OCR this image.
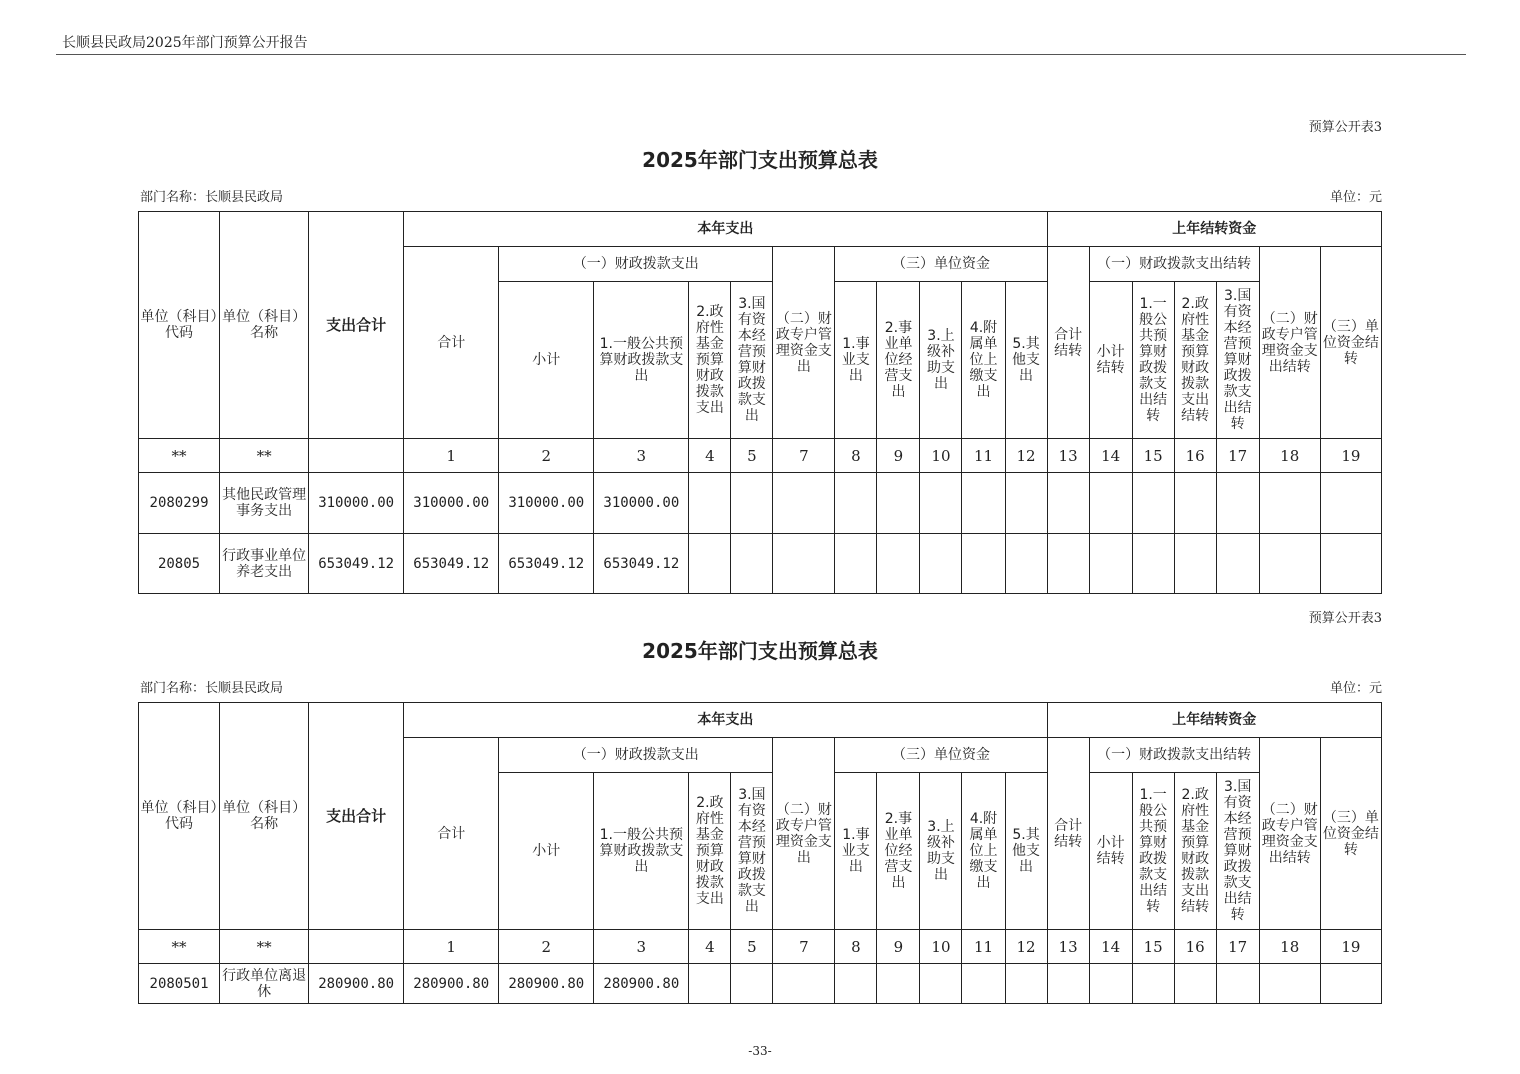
长顺县民政局2025年部门预算公开报告
预算公开表3
2025年部门支出预算总表
部门名称：长顺县民政局	单位：元
单位（科目）代码	单位（科目）名称	支出合计	本年支出											上年结转资金						
			合计	（一）财政拨款支出				（二）财政专户管理资金支出	（三）单位资金					合计结转	（一）财政拨款支出结转				（二）财政专户管理资金支出结转	（三）单位资金结转
				小计	1.一般公共预算财政拨款支出	2.政府性基金预算财政拨款支出	3.国有资本经营预算财政拨款支出		1.事业支出	2.事业单位经营支出	3.上级补助支出	4.附属单位上缴支出	5.其他支出		小计结转	1.一般公共预算财政拨款支出结转	2.政府性基金预算财政拨款支出结转	3.国有资本经营预算财政拨款支出结转		

**	**		1	2	3	4	5	7	8	9	10	11	12	13	14	15	16	17	18	19
2080299	其他民政管理事务支出	310000.00	310000.00	310000.00	310000.00															
20805	行政事业单位养老支出	653049.12	653049.12	653049.12	653049.12															
预算公开表3
2025年部门支出预算总表
部门名称：长顺县民政局	单位：元
单位（科目）代码	单位（科目）名称	支出合计	本年支出											上年结转资金						
			合计	（一）财政拨款支出				（二）财政专户管理资金支出	（三）单位资金					合计结转	（一）财政拨款支出结转				（二）财政专户管理资金支出结转	（三）单位资金结转
				小计	1.一般公共预算财政拨款支出	2.政府性基金预算财政拨款支出	3.国有资本经营预算财政拨款支出		1.事业支出	2.事业单位经营支出	3.上级补助支出	4.附属单位上缴支出	5.其他支出		小计结转	1.一般公共预算财政拨款支出结转	2.政府性基金预算财政拨款支出结转	3.国有资本经营预算财政拨款支出结转		

**	**		1	2	3	4	5	7	8	9	10	11	12	13	14	15	16	17	18	19
2080501	行政单位离退休	280900.80	280900.80	280900.80	280900.80															
-33-
